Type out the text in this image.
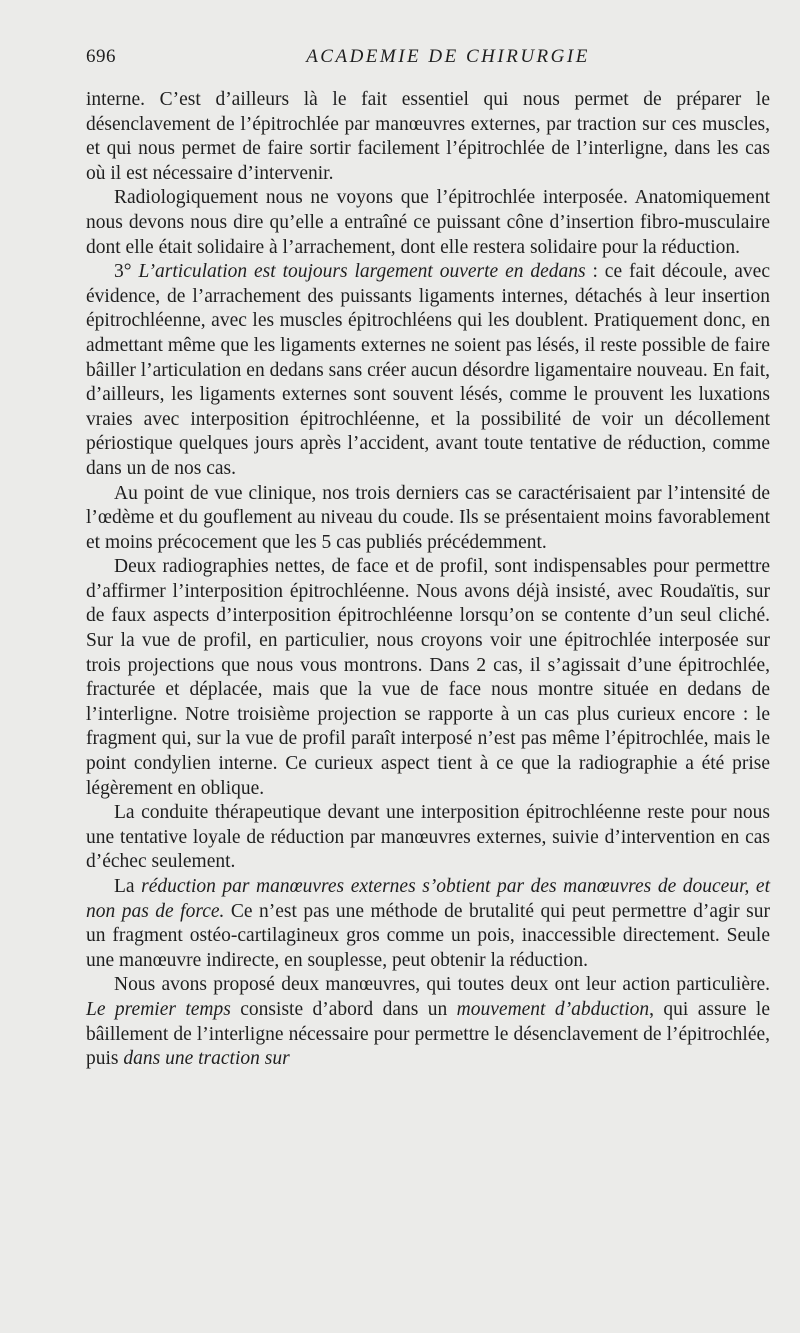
696	ACADEMIE DE CHIRURGIE

interne. C’est d’ailleurs là le fait essentiel qui nous permet de préparer le désenclavement de l’épitrochlée par manœuvres externes, par traction sur ces muscles, et qui nous permet de faire sortir facilement l’épitrochlée de l’interligne, dans les cas où il est nécessaire d’intervenir.

Radiologiquement nous ne voyons que l’épitrochlée interposée. Anatomiquement nous devons nous dire qu’elle a entraîné ce puissant cône d’insertion fibro-musculaire dont elle était solidaire à l’arrachement, dont elle restera solidaire pour la réduction.

3° L’articulation est toujours largement ouverte en dedans : ce fait découle, avec évidence, de l’arrachement des puissants ligaments internes, détachés à leur insertion épitrochléenne, avec les muscles épitrochléens qui les doublent. Pratiquement donc, en admettant même que les ligaments externes ne soient pas lésés, il reste possible de faire bâiller l’articulation en dedans sans créer aucun désordre ligamentaire nouveau. En fait, d’ailleurs, les ligaments externes sont souvent lésés, comme le prouvent les luxations vraies avec interposition épitrochléenne, et la possibilité de voir un décollement périostique quelques jours après l’accident, avant toute tentative de réduction, comme dans un de nos cas.

Au point de vue clinique, nos trois derniers cas se caractérisaient par l’intensité de l’œdème et du gouflement au niveau du coude. Ils se présentaient moins favorablement et moins précocement que les 5 cas publiés précédemment.

Deux radiographies nettes, de face et de profil, sont indispensables pour permettre d’affirmer l’interposition épitrochléenne. Nous avons déjà insisté, avec Roudaïtis, sur de faux aspects d’interposition épitrochléenne lorsqu’on se contente d’un seul cliché. Sur la vue de profil, en particulier, nous croyons voir une épitrochlée interposée sur trois projections que nous vous montrons. Dans 2 cas, il s’agissait d’une épitrochlée, fracturée et déplacée, mais que la vue de face nous montre située en dedans de l’interligne. Notre troisième projection se rapporte à un cas plus curieux encore : le fragment qui, sur la vue de profil paraît interposé n’est pas même l’épitrochlée, mais le point condylien interne. Ce curieux aspect tient à ce que la radiographie a été prise légèrement en oblique.

La conduite thérapeutique devant une interposition épitrochléenne reste pour nous une tentative loyale de réduction par manœuvres externes, suivie d’intervention en cas d’échec seulement.

La réduction par manœuvres externes s’obtient par des manœuvres de douceur, et non pas de force. Ce n’est pas une méthode de brutalité qui peut permettre d’agir sur un fragment ostéo-cartilagineux gros comme un pois, inaccessible directement. Seule une manœuvre indirecte, en souplesse, peut obtenir la réduction.

Nous avons proposé deux manœuvres, qui toutes deux ont leur action particulière. Le premier temps consiste d’abord dans un mouvement d’abduction, qui assure le bâillement de l’interligne nécessaire pour permettre le désenclavement de l’épitrochlée, puis dans une traction sur
